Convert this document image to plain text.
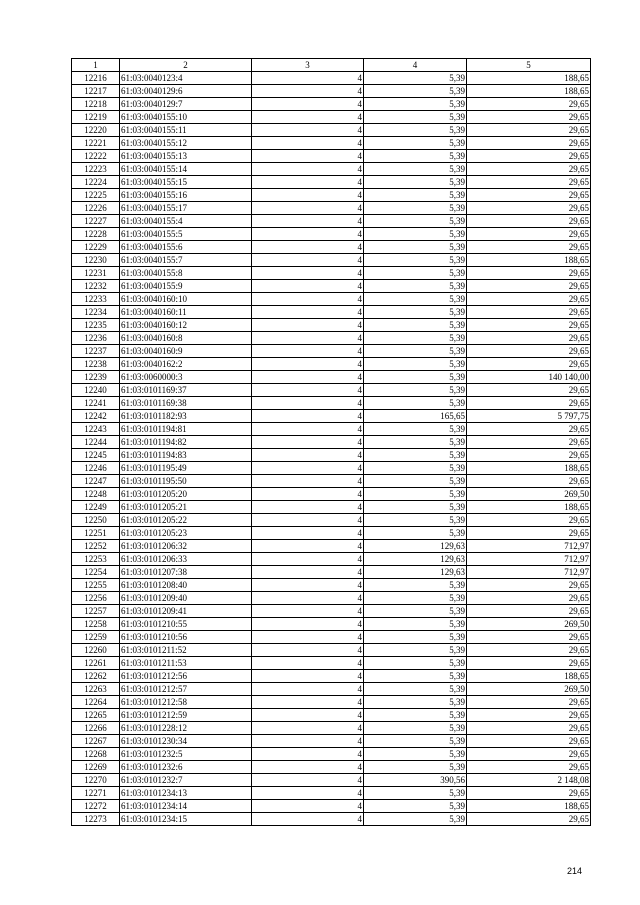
1	2	3	4	5
12216	61:03:0040123:4	4	5,39	188,65
12217	61:03:0040129:6	4	5,39	188,65
12218	61:03:0040129:7	4	5,39	29,65
12219	61:03:0040155:10	4	5,39	29,65
12220	61:03:0040155:11	4	5,39	29,65
12221	61:03:0040155:12	4	5,39	29,65
12222	61:03:0040155:13	4	5,39	29,65
12223	61:03:0040155:14	4	5,39	29,65
12224	61:03:0040155:15	4	5,39	29,65
12225	61:03:0040155:16	4	5,39	29,65
12226	61:03:0040155:17	4	5,39	29,65
12227	61:03:0040155:4	4	5,39	29,65
12228	61:03:0040155:5	4	5,39	29,65
12229	61:03:0040155:6	4	5,39	29,65
12230	61:03:0040155:7	4	5,39	188,65
12231	61:03:0040155:8	4	5,39	29,65
12232	61:03:0040155:9	4	5,39	29,65
12233	61:03:0040160:10	4	5,39	29,65
12234	61:03:0040160:11	4	5,39	29,65
12235	61:03:0040160:12	4	5,39	29,65
12236	61:03:0040160:8	4	5,39	29,65
12237	61:03:0040160:9	4	5,39	29,65
12238	61:03:0040162:2	4	5,39	29,65
12239	61:03:0060000:3	4	5,39	140 140,00
12240	61:03:0101169:37	4	5,39	29,65
12241	61:03:0101169:38	4	5,39	29,65
12242	61:03:0101182:93	4	165,65	5 797,75
12243	61:03:0101194:81	4	5,39	29,65
12244	61:03:0101194:82	4	5,39	29,65
12245	61:03:0101194:83	4	5,39	29,65
12246	61:03:0101195:49	4	5,39	188,65
12247	61:03:0101195:50	4	5,39	29,65
12248	61:03:0101205:20	4	5,39	269,50
12249	61:03:0101205:21	4	5,39	188,65
12250	61:03:0101205:22	4	5,39	29,65
12251	61:03:0101205:23	4	5,39	29,65
12252	61:03:0101206:32	4	129,63	712,97
12253	61:03:0101206:33	4	129,63	712,97
12254	61:03:0101207:38	4	129,63	712,97
12255	61:03:0101208:40	4	5,39	29,65
12256	61:03:0101209:40	4	5,39	29,65
12257	61:03:0101209:41	4	5,39	29,65
12258	61:03:0101210:55	4	5,39	269,50
12259	61:03:0101210:56	4	5,39	29,65
12260	61:03:0101211:52	4	5,39	29,65
12261	61:03:0101211:53	4	5,39	29,65
12262	61:03:0101212:56	4	5,39	188,65
12263	61:03:0101212:57	4	5,39	269,50
12264	61:03:0101212:58	4	5,39	29,65
12265	61:03:0101212:59	4	5,39	29,65
12266	61:03:0101228:12	4	5,39	29,65
12267	61:03:0101230:34	4	5,39	29,65
12268	61:03:0101232:5	4	5,39	29,65
12269	61:03:0101232:6	4	5,39	29,65
12270	61:03:0101232:7	4	390,56	2 148,08
12271	61:03:0101234:13	4	5,39	29,65
12272	61:03:0101234:14	4	5,39	188,65
12273	61:03:0101234:15	4	5,39	29,65
214
